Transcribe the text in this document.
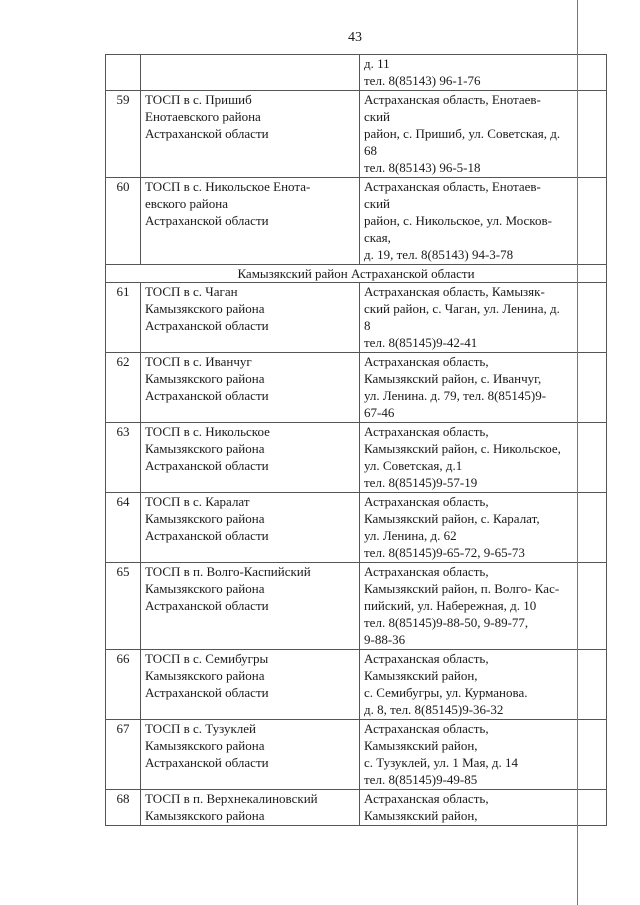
43
		д. 11
тел. 8(85143) 96-1-76
59	ТОСП в с. Пришиб
Енотаевского района
Астраханской области	Астраханская область, Енотаев-
ский
район, с. Пришиб, ул. Советская, д.
68
тел. 8(85143) 96-5-18
60	ТОСП в с. Никольское Енота-
евского района
Астраханской области	Астраханская область, Енотаев-
ский
район, с. Никольское, ул. Москов-
ская,
д. 19, тел. 8(85143) 94-3-78
Камызякский район Астраханской области		
61	ТОСП в с. Чаган
Камызякского района
Астраханской области	Астраханская область, Камызяк-
ский район, с. Чаган, ул. Ленина, д.
8
тел. 8(85145)9-42-41
62	ТОСП в с. Иванчуг
Камызякского района
Астраханской области	Астраханская область,
Камызякский район, с. Иванчуг,
ул. Ленина. д. 79, тел. 8(85145)9-
67-46
63	ТОСП в с. Никольское
Камызякского района
Астраханской области	Астраханская область,
Камызякский район, с. Никольское,
ул. Советская, д.1
тел. 8(85145)9-57-19
64	ТОСП в с. Каралат
Камызякского района
Астраханской области	Астраханская область,
Камызякский район, с. Каралат,
ул. Ленина, д. 62
тел. 8(85145)9-65-72, 9-65-73
65	ТОСП в п. Волго-Каспийский
Камызякского района
Астраханской области	Астраханская область,
Камызякский район, п. Волго- Кас-
пийский, ул. Набережная, д. 10
тел. 8(85145)9-88-50, 9-89-77,
9-88-36
66	ТОСП в с. Семибугры
Камызякского района
Астраханской области	Астраханская область,
Камызякский район,
с. Семибугры, ул. Курманова.
д. 8, тел. 8(85145)9-36-32
67	ТОСП в с. Тузуклей
Камызякского района
Астраханской области	Астраханская область,
Камызякский район,
с. Тузуклей, ул. 1 Мая, д. 14
тел. 8(85145)9-49-85
68	ТОСП в п. Верхнекалиновский
Камызякского района	Астраханская область,
Камызякский район,
